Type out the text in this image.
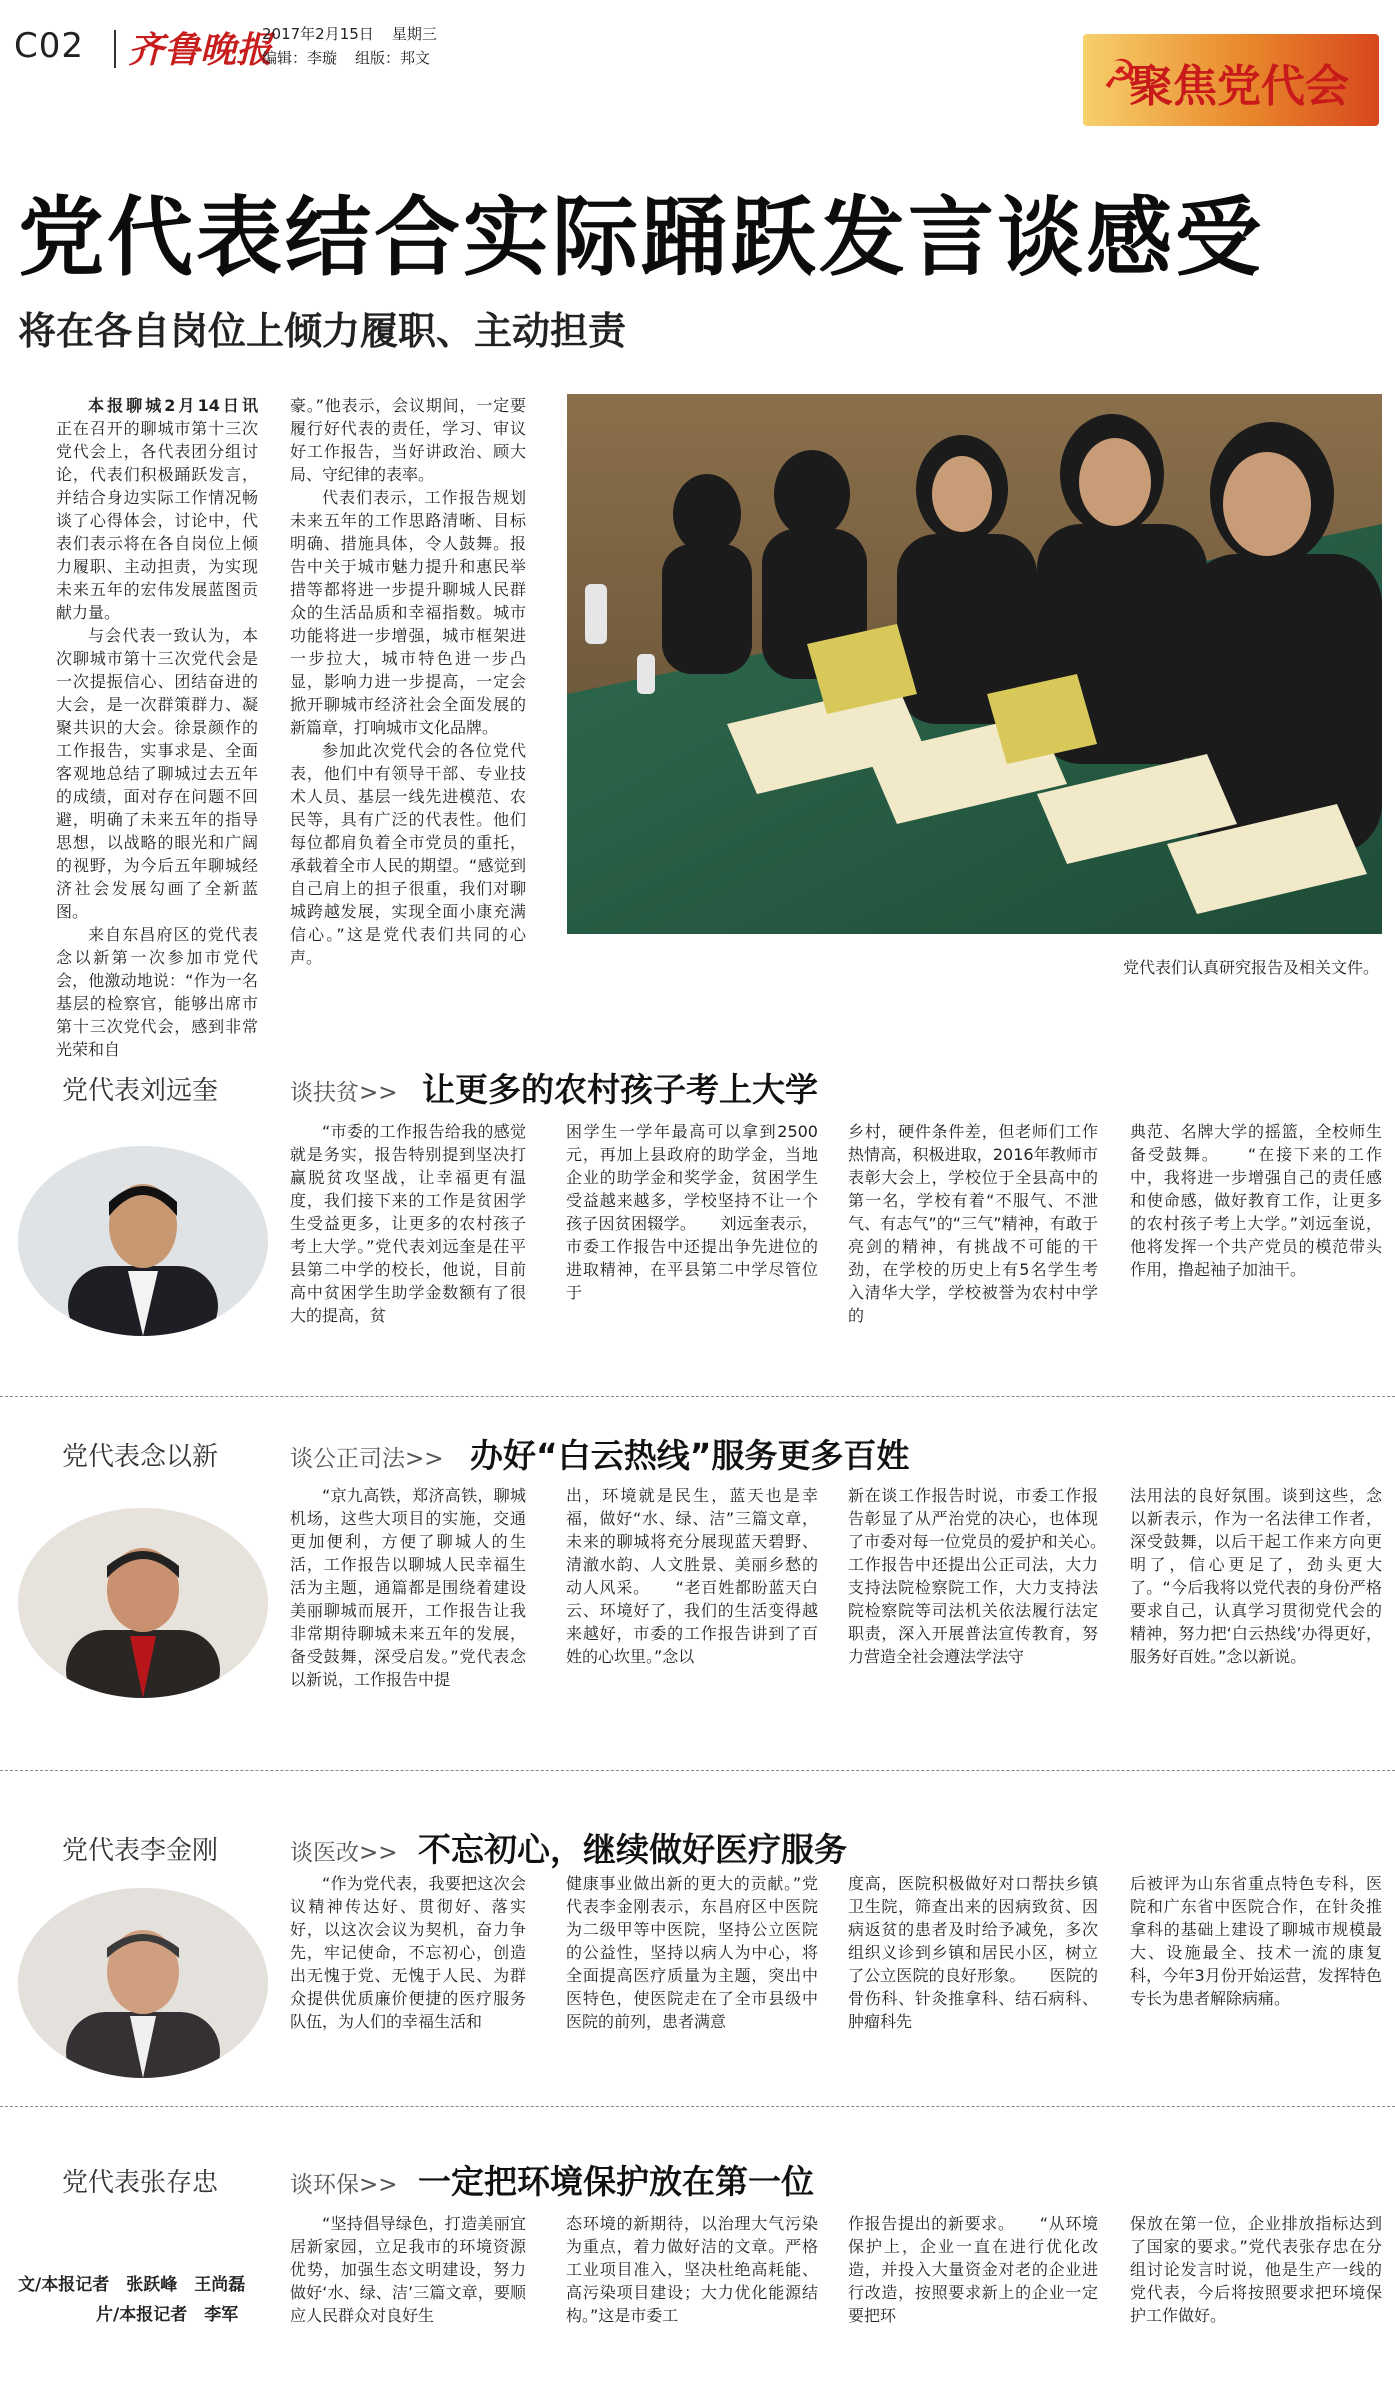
C02 齐鲁晚报
2017年2月15日 星期三
编辑：李璇 组版：邦文	☭
聚焦党代会
党代表结合实际踊跃发言谈感受
将在各自岗位上倾力履职、主动担责

本报聊城2月14日讯　正在召开的聊城市第十三次党代会上，各代表团分组讨论，代表们积极踊跃发言，并结合身边实际工作情况畅谈了心得体会，讨论中，代表们表示将在各自岗位上倾力履职、主动担责，为实现未来五年的宏伟发展蓝图贡献力量。

与会代表一致认为，本次聊城市第十三次党代会是一次提振信心、团结奋进的大会，是一次群策群力、凝聚共识的大会。徐景颜作的工作报告，实事求是、全面客观地总结了聊城过去五年的成绩，面对存在问题不回避，明确了未来五年的指导思想，以战略的眼光和广阔的视野，为今后五年聊城经济社会发展勾画了全新蓝图。

来自东昌府区的党代表念以新第一次参加市党代会，他激动地说：“作为一名基层的检察官，能够出席市第十三次党代会，感到非常光荣和自

豪。”他表示，会议期间，一定要履行好代表的责任，学习、审议好工作报告，当好讲政治、顾大局、守纪律的表率。

代表们表示，工作报告规划未来五年的工作思路清晰、目标明确、措施具体，令人鼓舞。报告中关于城市魅力提升和惠民举措等都将进一步提升聊城人民群众的生活品质和幸福指数。城市功能将进一步增强，城市框架进一步拉大，城市特色进一步凸显，影响力进一步提高，一定会掀开聊城市经济社会全面发展的新篇章，打响城市文化品牌。

参加此次党代会的各位党代表，他们中有领导干部、专业技术人员、基层一线先进模范、农民等，具有广泛的代表性。他们每位都肩负着全市党员的重托，承载着全市人民的期望。“感觉到自己肩上的担子很重，我们对聊城跨越发展，实现全面小康充满信心。”这是党代表们共同的心声。

党代表们认真研究报告及相关文件。
党代表刘远奎	谈扶贫>> 让更多的农村孩子考上大学

“市委的工作报告给我的感觉就是务实，报告特别提到坚决打赢脱贫攻坚战，让幸福更有温度，我们接下来的工作是贫困学生受益更多，让更多的农村孩子考上大学。”党代表刘远奎是茌平县第二中学的校长，他说，目前高中贫困学生助学金数额有了很大的提高，贫

困学生一学年最高可以拿到2500元，再加上县政府的助学金，当地企业的助学金和奖学金，贫困学生受益越来越多，学校坚持不让一个孩子因贫困辍学。　　刘远奎表示，市委工作报告中还提出争先进位的进取精神，在平县第二中学尽管位于

乡村，硬件条件差，但老师们工作热情高，积极进取，2016年教师市表彰大会上，学校位于全县高中的第一名，学校有着“不服气、不泄气、有志气”的“三气”精神，有敢于亮剑的精神，有挑战不可能的干劲，在学校的历史上有5名学生考入清华大学，学校被誉为农村中学的

典范、名牌大学的摇篮，全校师生备受鼓舞。　　“在接下来的工作中，我将进一步增强自己的责任感和使命感，做好教育工作，让更多的农村孩子考上大学。”刘远奎说，他将发挥一个共产党员的模范带头作用，撸起袖子加油干。

党代表念以新	谈公正司法>> 办好“白云热线”服务更多百姓

“京九高铁，郑济高铁，聊城机场，这些大项目的实施，交通更加便利，方便了聊城人的生活，工作报告以聊城人民幸福生活为主题，通篇都是围绕着建设美丽聊城而展开，工作报告让我非常期待聊城未来五年的发展，备受鼓舞，深受启发。”党代表念以新说，工作报告中提

出，环境就是民生，蓝天也是幸福，做好“水、绿、洁”三篇文章，未来的聊城将充分展现蓝天碧野、清澈水韵、人文胜景、美丽乡愁的动人风采。　　“老百姓都盼蓝天白云、环境好了，我们的生活变得越来越好，市委的工作报告讲到了百姓的心坎里。”念以

新在谈工作报告时说，市委工作报告彰显了从严治党的决心，也体现了市委对每一位党员的爱护和关心。　　工作报告中还提出公正司法，大力支持法院检察院工作，大力支持法院检察院等司法机关依法履行法定职责，深入开展普法宣传教育，努力营造全社会遵法学法守

法用法的良好氛围。谈到这些，念以新表示，作为一名法律工作者，深受鼓舞，以后干起工作来方向更明了，信心更足了，劲头更大了。“今后我将以党代表的身份严格要求自己，认真学习贯彻党代会的精神，努力把‘白云热线’办得更好，服务好百姓。”念以新说。

党代表李金刚	谈医改>> 不忘初心，继续做好医疗服务

“作为党代表，我要把这次会议精神传达好、贯彻好、落实好，以这次会议为契机，奋力争先，牢记使命，不忘初心，创造出无愧于党、无愧于人民、为群众提供优质廉价便捷的医疗服务队伍，为人们的幸福生活和

健康事业做出新的更大的贡献。”党代表李金刚表示，东昌府区中医院为二级甲等中医院，坚持公立医院的公益性，坚持以病人为中心，将全面提高医疗质量为主题，突出中医特色，使医院走在了全市县级中医院的前列，患者满意

度高，医院积极做好对口帮扶乡镇卫生院，筛查出来的因病致贫、因病返贫的患者及时给予减免，多次组织义诊到乡镇和居民小区，树立了公立医院的良好形象。　　医院的骨伤科、针灸推拿科、结石病科、肿瘤科先

后被评为山东省重点特色专科，医院和广东省中医院合作，在针灸推拿科的基础上建设了聊城市规模最大、设施最全、技术一流的康复科，今年3月份开始运营，发挥特色专长为患者解除病痛。

党代表张存忠	谈环保>> 一定把环境保护放在第一位
文/本报记者　张跃峰　王尚磊
片/本报记者　李军

“坚持倡导绿色，打造美丽宜居新家园，立足我市的环境资源优势，加强生态文明建设，努力做好‘水、绿、洁’三篇文章，要顺应人民群众对良好生

态环境的新期待，以治理大气污染为重点，着力做好洁的文章。严格工业项目准入，坚决杜绝高耗能、高污染项目建设；大力优化能源结构。”这是市委工

作报告提出的新要求。　　“从环境保护上，企业一直在进行优化改造，并投入大量资金对老的企业进行改造，按照要求新上的企业一定要把环

保放在第一位，企业排放指标达到了国家的要求。”党代表张存忠在分组讨论发言时说，他是生产一线的党代表，今后将按照要求把环境保护工作做好。
